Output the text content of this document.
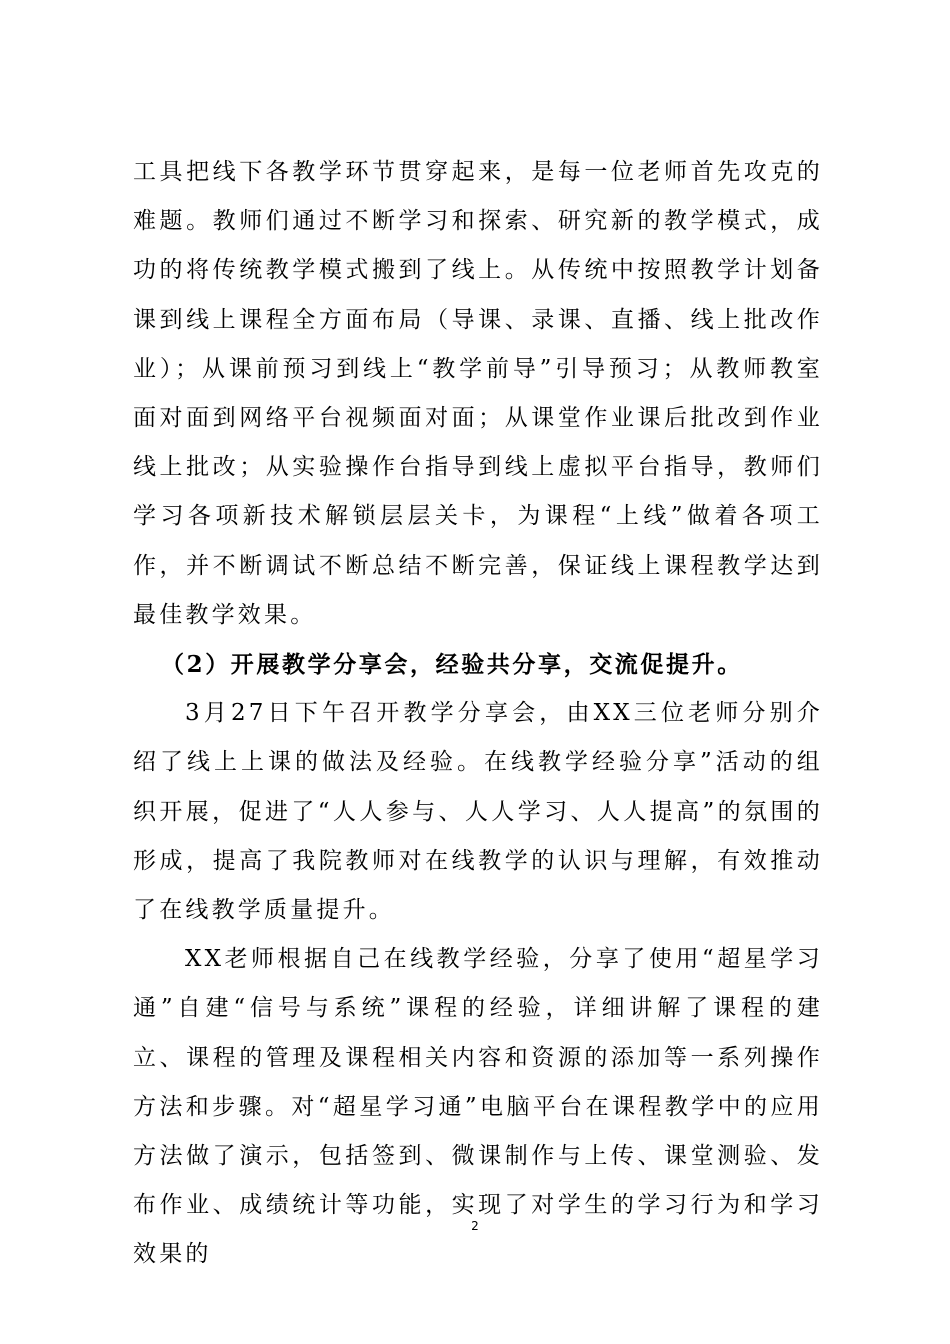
工具把线下各教学环节贯穿起来，是每一位老师首先攻克的难题。教师们通过不断学习和探索、研究新的教学模式，成功的将传统教学模式搬到了线上。从传统中按照教学计划备课到线上课程全方面布局（导课、录课、直播、线上批改作业）；从课前预习到线上“教学前导”引导预习；从教师教室面对面到网络平台视频面对面；从课堂作业课后批改到作业线上批改；从实验操作台指导到线上虚拟平台指导，教师们学习各项新技术解锁层层关卡，为课程“上线”做着各项工作，并不断调试不断总结不断完善，保证线上课程教学达到最佳教学效果。

（2）开展教学分享会，经验共分享，交流促提升。

3月27日下午召开教学分享会，由XX三位老师分别介绍了线上上课的做法及经验。在线教学经验分享”活动的组织开展，促进了“人人参与、人人学习、人人提高”的氛围的形成，提高了我院教师对在线教学的认识与理解，有效推动了在线教学质量提升。

XX老师根据自己在线教学经验，分享了使用“超星学习通”自建“信号与系统”课程的经验，详细讲解了课程的建立、课程的管理及课程相关内容和资源的添加等一系列操作方法和步骤。对“超星学习通”电脑平台在课程教学中的应用方法做了演示，包括签到、微课制作与上传、课堂测验、发布作业、成绩统计等功能，实现了对学生的学习行为和学习效果的

2
